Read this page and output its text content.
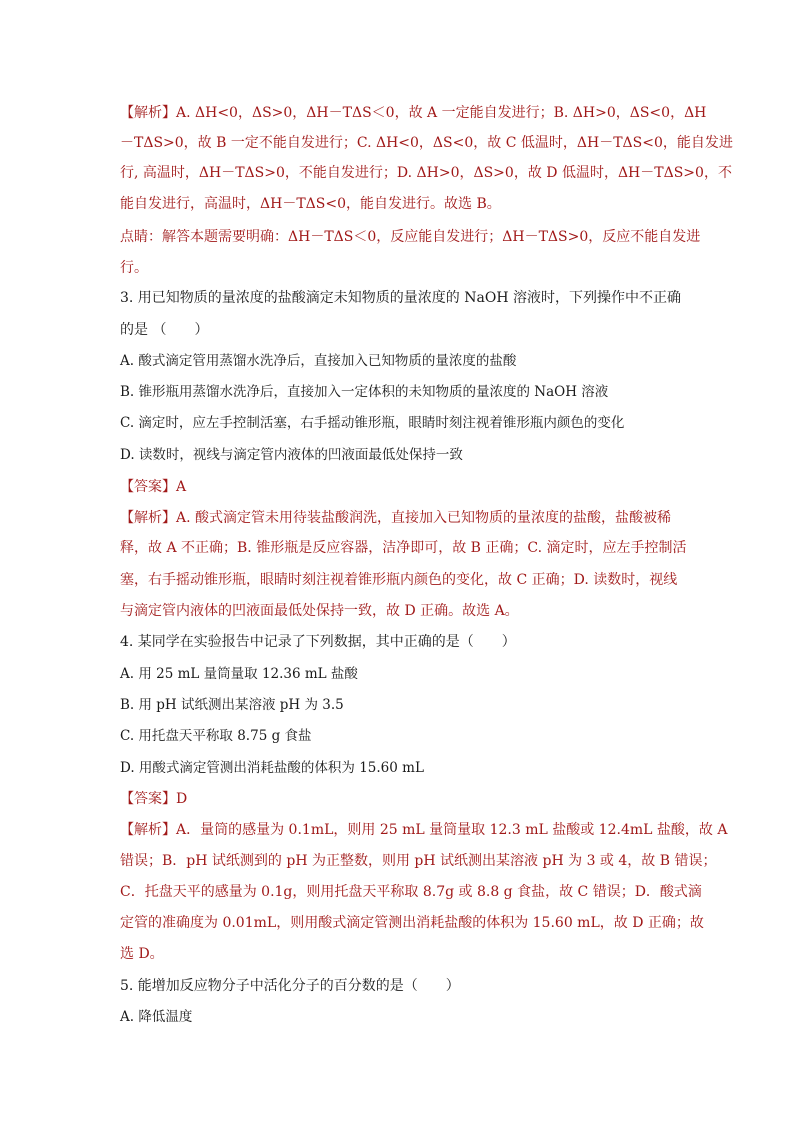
【解析】A. ΔH<0，ΔS>0，ΔH－TΔS＜0，故 A 一定能自发进行；B. ΔH>0，ΔS<0，ΔH
－TΔS>0，故 B 一定不能自发进行；C. ΔH<0，ΔS<0，故 C 低温时，ΔH－TΔS<0，能自发进
行, 高温时，ΔH－TΔS>0，不能自发进行；D. ΔH>0，ΔS>0，故 D 低温时，ΔH－TΔS>0，不
能自发进行，高温时，ΔH－TΔS<0，能自发进行。故选 B。
点睛：解答本题需要明确：ΔH－TΔS＜0，反应能自发进行；ΔH－TΔS>0，反应不能自发进
行。
3. 用已知物质的量浓度的盐酸滴定未知物质的量浓度的 NaOH 溶液时，下列操作中不正确
的是 （　　）
A. 酸式滴定管用蒸馏水洗净后，直接加入已知物质的量浓度的盐酸
B. 锥形瓶用蒸馏水洗净后，直接加入一定体积的未知物质的量浓度的 NaOH 溶液
C. 滴定时，应左手控制活塞，右手摇动锥形瓶，眼睛时刻注视着锥形瓶内颜色的变化
D. 读数时，视线与滴定管内液体的凹液面最低处保持一致
【答案】A
【解析】A. 酸式滴定管未用待装盐酸润洗，直接加入已知物质的量浓度的盐酸，盐酸被稀
释，故 A 不正确；B. 锥形瓶是反应容器，洁净即可，故 B 正确；C. 滴定时，应左手控制活
塞，右手摇动锥形瓶，眼睛时刻注视着锥形瓶内颜色的变化，故 C 正确；D. 读数时，视线
与滴定管内液体的凹液面最低处保持一致，故 D 正确。故选 A。
4. 某同学在实验报告中记录了下列数据，其中正确的是（　　）
A. 用 25 mL 量筒量取 12.36 mL 盐酸
B. 用 pH 试纸测出某溶液 pH 为 3.5
C. 用托盘天平称取 8.75 g 食盐
D. 用酸式滴定管测出消耗盐酸的体积为 15.60 mL
【答案】D
【解析】A．量筒的感量为 0.1mL，则用 25 mL 量筒量取 12.3 mL 盐酸或 12.4mL 盐酸，故 A
错误；B．pH 试纸测到的 pH 为正整数，则用 pH 试纸测出某溶液 pH 为 3 或 4，故 B 错误；
C．托盘天平的感量为 0.1g，则用托盘天平称取 8.7g 或 8.8 g 食盐，故 C 错误；D．酸式滴
定管的准确度为 0.01mL，则用酸式滴定管测出消耗盐酸的体积为 15.60 mL，故 D 正确；故
选 D。
5. 能增加反应物分子中活化分子的百分数的是（　　）
A. 降低温度
